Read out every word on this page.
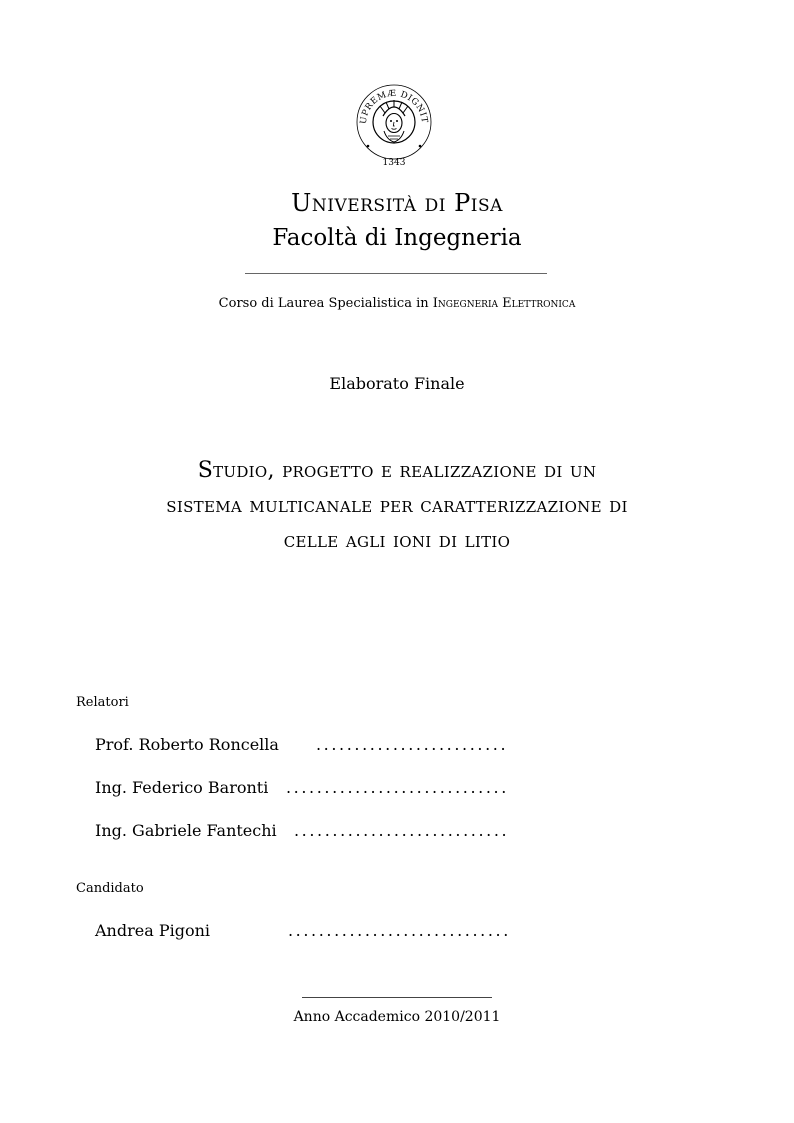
UPREMÆ DIGNIT
1343
Università di Pisa
Facoltà di Ingegneria
Corso di Laurea Specialistica in Ingegneria Elettronica
Elaborato Finale
Studio, progetto e realizzazione di un
sistema multicanale per caratterizzazione di
celle agli ioni di litio
Relatori
Prof. Roberto Roncella .........................
Ing. Federico Baronti .............................
Ing. Gabriele Fantechi ............................
Candidato
Andrea Pigoni	.............................
Anno Accademico 2010/2011
